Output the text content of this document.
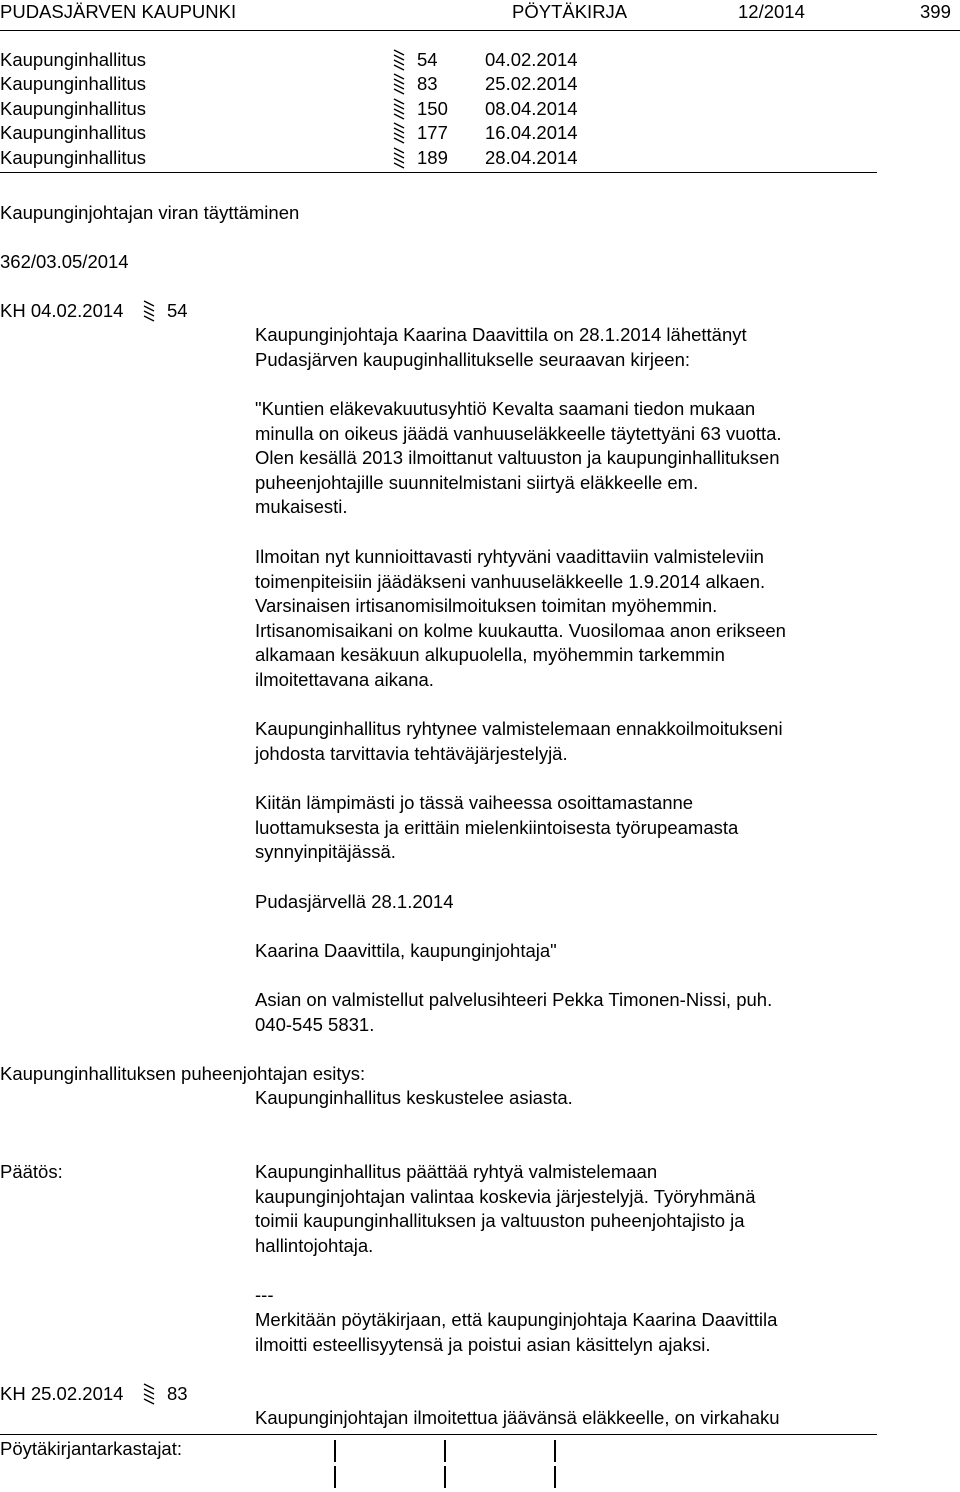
PUDASJÄRVEN KAUPUNKI	PÖYTÄKIRJA	12/2014	399
Kaupunginhallitus	54	04.02.2014
Kaupunginhallitus	83	25.02.2014
Kaupunginhallitus	150 08.04.2014
Kaupunginhallitus	177 16.04.2014
Kaupunginhallitus	189 28.04.2014
Kaupunginjohtajan viran täyttäminen
362/03.05/2014
KH 04.02.2014 54
Kaupunginjohtaja Kaarina Daavittila on 28.1.2014 lähettänyt
Pudasjärven kaupuginhallitukselle seuraavan kirjeen:
"Kuntien eläkevakuutusyhtiö Kevalta saamani tiedon mukaan
minulla on oikeus jäädä vanhuuseläkkeelle täytettyäni 63 vuotta.
Olen kesällä 2013 ilmoittanut valtuuston ja kaupunginhallituksen
puheenjohtajille suunnitelmistani siirtyä eläkkeelle em.
mukaisesti.
Ilmoitan nyt kunnioittavasti ryhtyväni vaadittaviin valmisteleviin
toimenpiteisiin jäädäkseni vanhuuseläkkeelle 1.9.2014 alkaen.
Varsinaisen irtisanomisilmoituksen toimitan myöhemmin.
Irtisanomisaikani on kolme kuukautta. Vuosilomaa anon erikseen
alkamaan kesäkuun alkupuolella, myöhemmin tarkemmin
ilmoitettavana aikana.
Kaupunginhallitus ryhtynee valmistelemaan ennakkoilmoitukseni
johdosta tarvittavia tehtäväjärjestelyjä.
Kiitän lämpimästi jo tässä vaiheessa osoittamastanne
luottamuksesta ja erittäin mielenkiintoisesta työrupeamasta
synnyinpitäjässä.
Pudasjärvellä 28.1.2014
Kaarina Daavittila, kaupunginjohtaja"
Asian on valmistellut palvelusihteeri Pekka Timonen-Nissi, puh.
040-545 5831.
Kaupunginhallituksen puheenjohtajan esitys:
Kaupunginhallitus keskustelee asiasta.
Päätös:	Kaupunginhallitus päättää ryhtyä valmistelemaan
kaupunginjohtajan valintaa koskevia järjestelyjä. Työryhmänä
toimii kaupunginhallituksen ja valtuuston puheenjohtajisto ja
hallintojohtaja.
---
Merkitään pöytäkirjaan, että kaupunginjohtaja Kaarina Daavittila
ilmoitti esteellisyytensä ja poistui asian käsittelyn ajaksi.
KH 25.02.2014 83
Kaupunginjohtajan ilmoitettua jäävänsä eläkkeelle, on virkahaku
Pöytäkirjantarkastajat:
